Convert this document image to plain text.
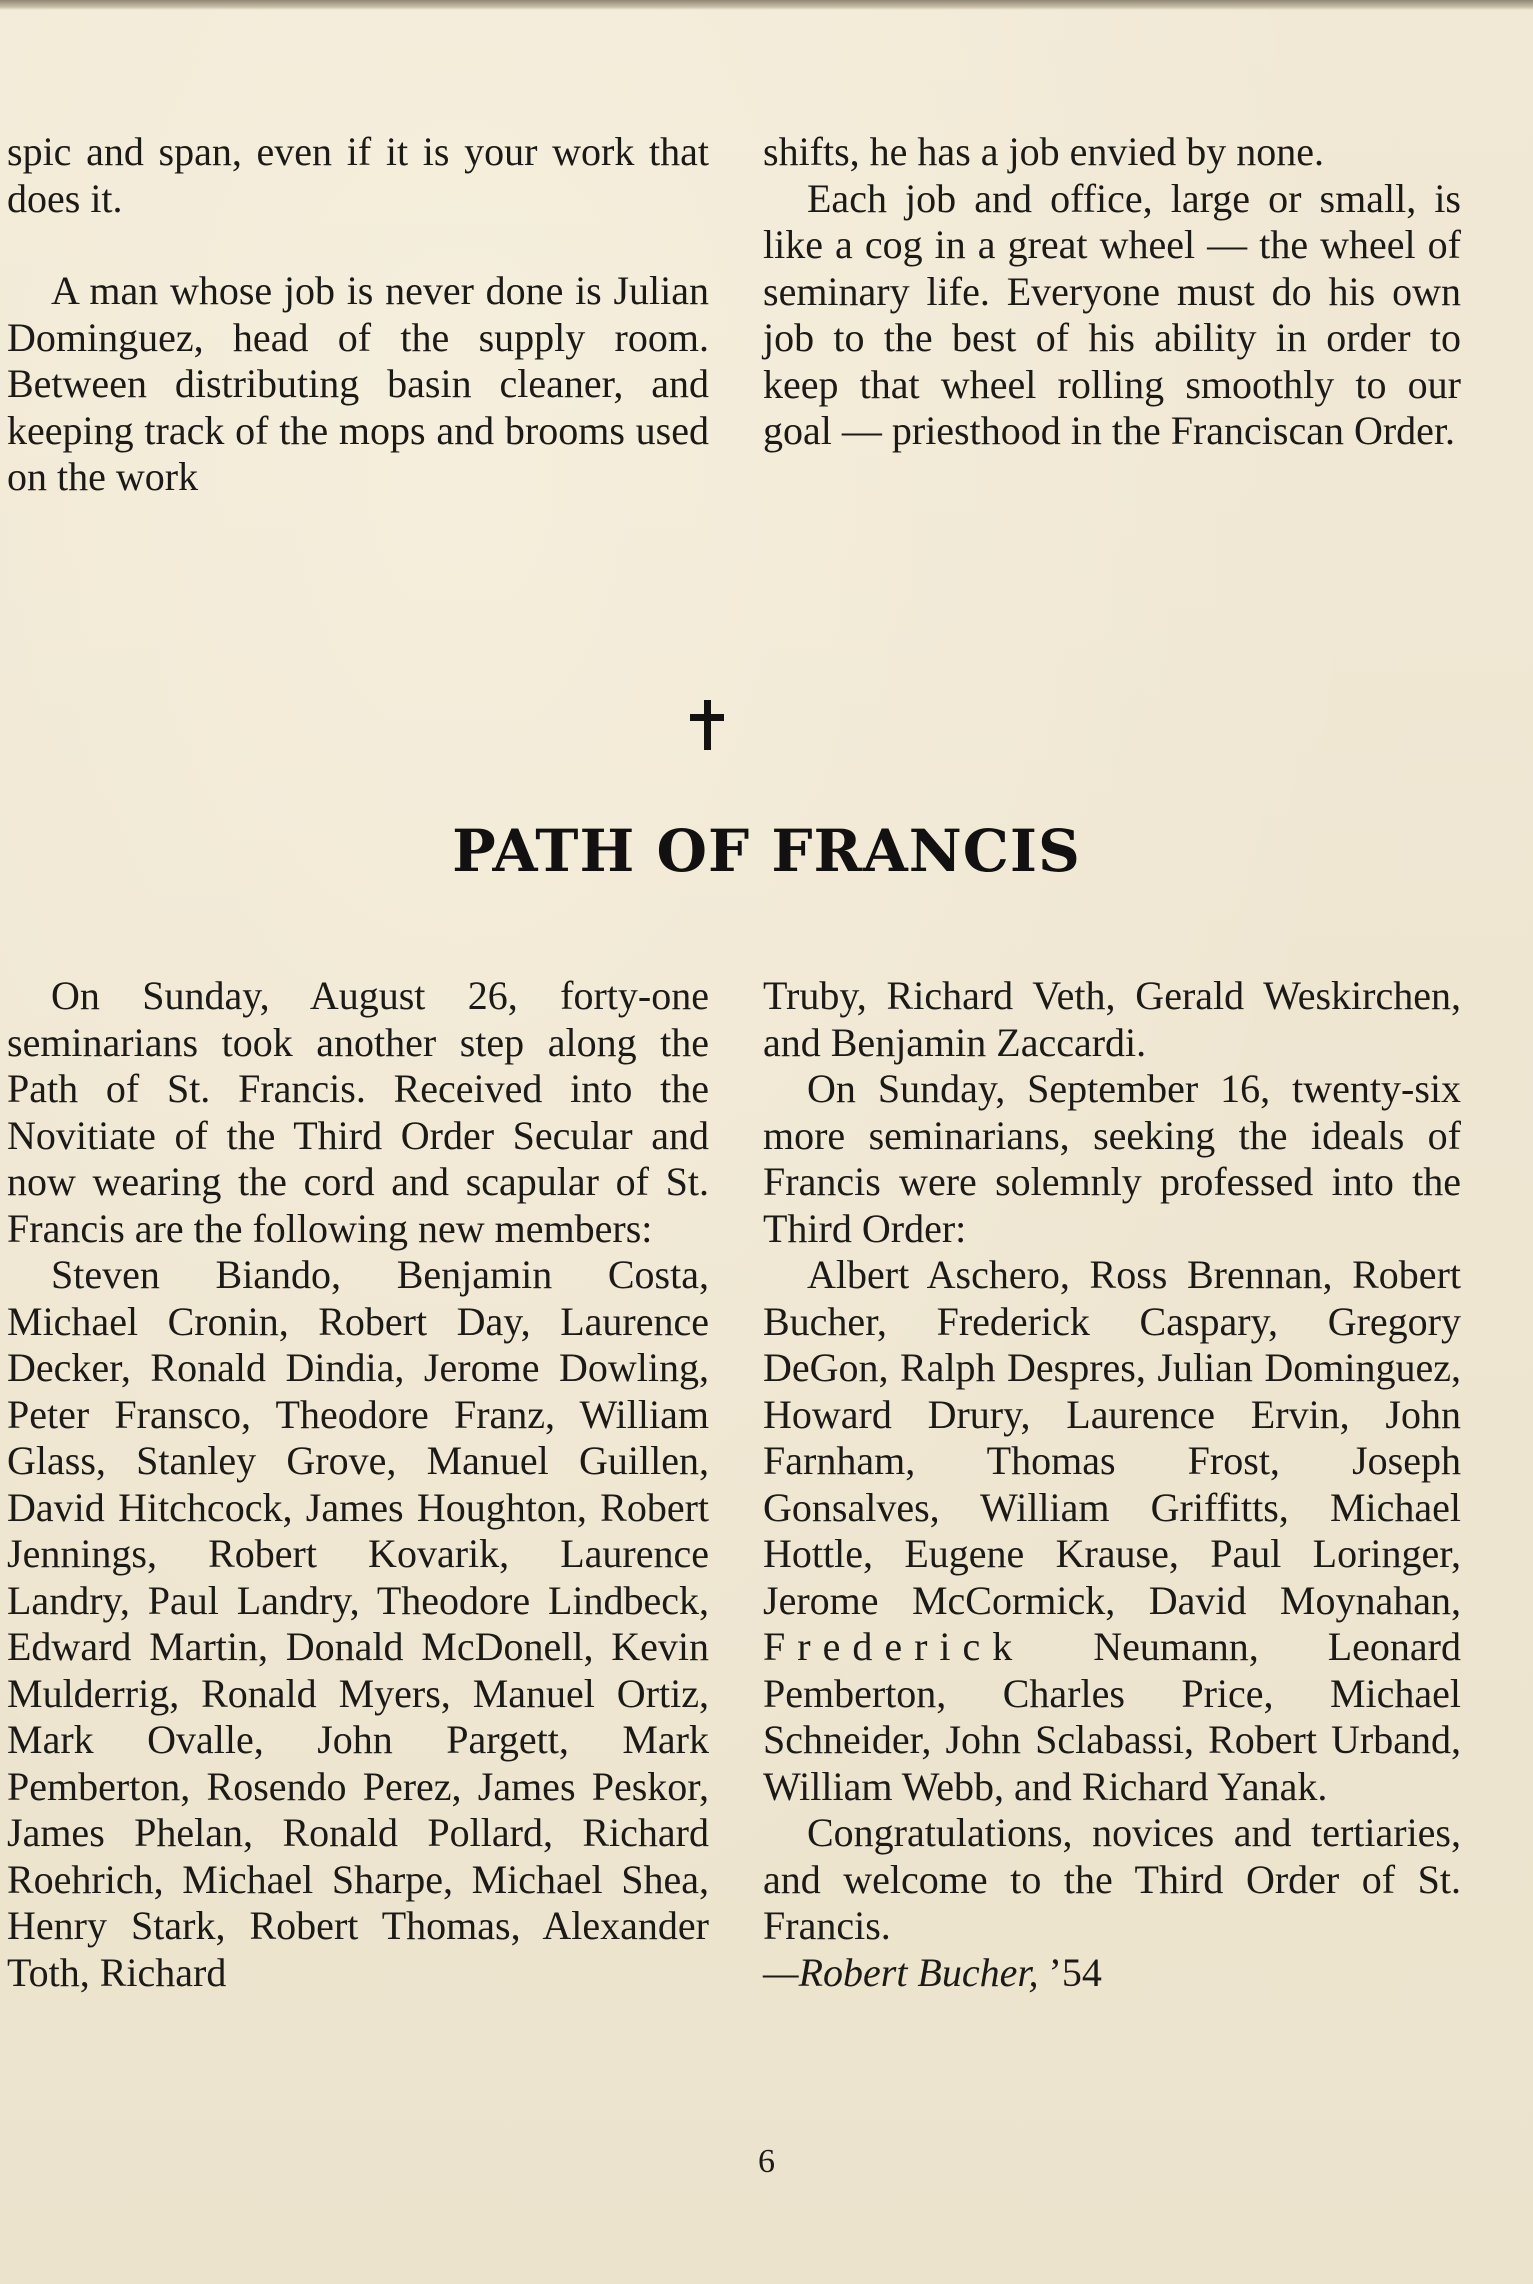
spic and span, even if it is your work that does it.

A man whose job is never done is Julian Dominguez, head of the supply room. Between distributing basin cleaner, and keeping track of the mops and brooms used on the work

shifts, he has a job envied by none.

Each job and office, large or small, is like a cog in a great wheel — the wheel of seminary life. Everyone must do his own job to the best of his ability in order to keep that wheel rolling smoothly to our goal — priesthood in the Franciscan Order.

PATH OF FRANCIS

On Sunday, August 26, forty-one seminarians took another step along the Path of St. Francis. Received into the Novitiate of the Third Order Secular and now wearing the cord and scapular of St. Francis are the following new members:

Steven Biando, Benjamin Costa, Michael Cronin, Robert Day, Laurence Decker, Ronald Dindia, Jerome Dowling, Peter Fransco, Theodore Franz, William Glass, Stanley Grove, Manuel Guillen, David Hitchcock, James Houghton, Robert Jennings, Robert Kovarik, Laurence Landry, Paul Landry, Theodore Lindbeck, Edward Martin, Donald McDonell, Kevin Mulderrig, Ronald Myers, Manuel Ortiz, Mark Ovalle, John Pargett, Mark Pemberton, Rosendo Perez, James Peskor, James Phelan, Ronald Pollard, Richard Roehrich, Michael Sharpe, Michael Shea, Henry Stark, Robert Thomas, Alexander Toth, Richard

Truby, Richard Veth, Gerald Weskirchen, and Benjamin Zaccardi.

On Sunday, September 16, twenty-six more seminarians, seeking the ideals of Francis were solemnly professed into the Third Order:

Albert Aschero, Ross Brennan, Robert Bucher, Frederick Caspary, Gregory DeGon, Ralph Despres, Julian Dominguez, Howard Drury, Laurence Ervin, John Farnham, Thomas Frost, Joseph Gonsalves, William Griffitts, Michael Hottle, Eugene Krause, Paul Loringer, Jerome McCormick, David Moynahan, Frederick Neumann, Leonard Pemberton, Charles Price, Michael Schneider, John Sclabassi, Robert Urband, William Webb, and Richard Yanak.

Congratulations, novices and tertiaries, and welcome to the Third Order of St. Francis.

—Robert Bucher, ’54

6
